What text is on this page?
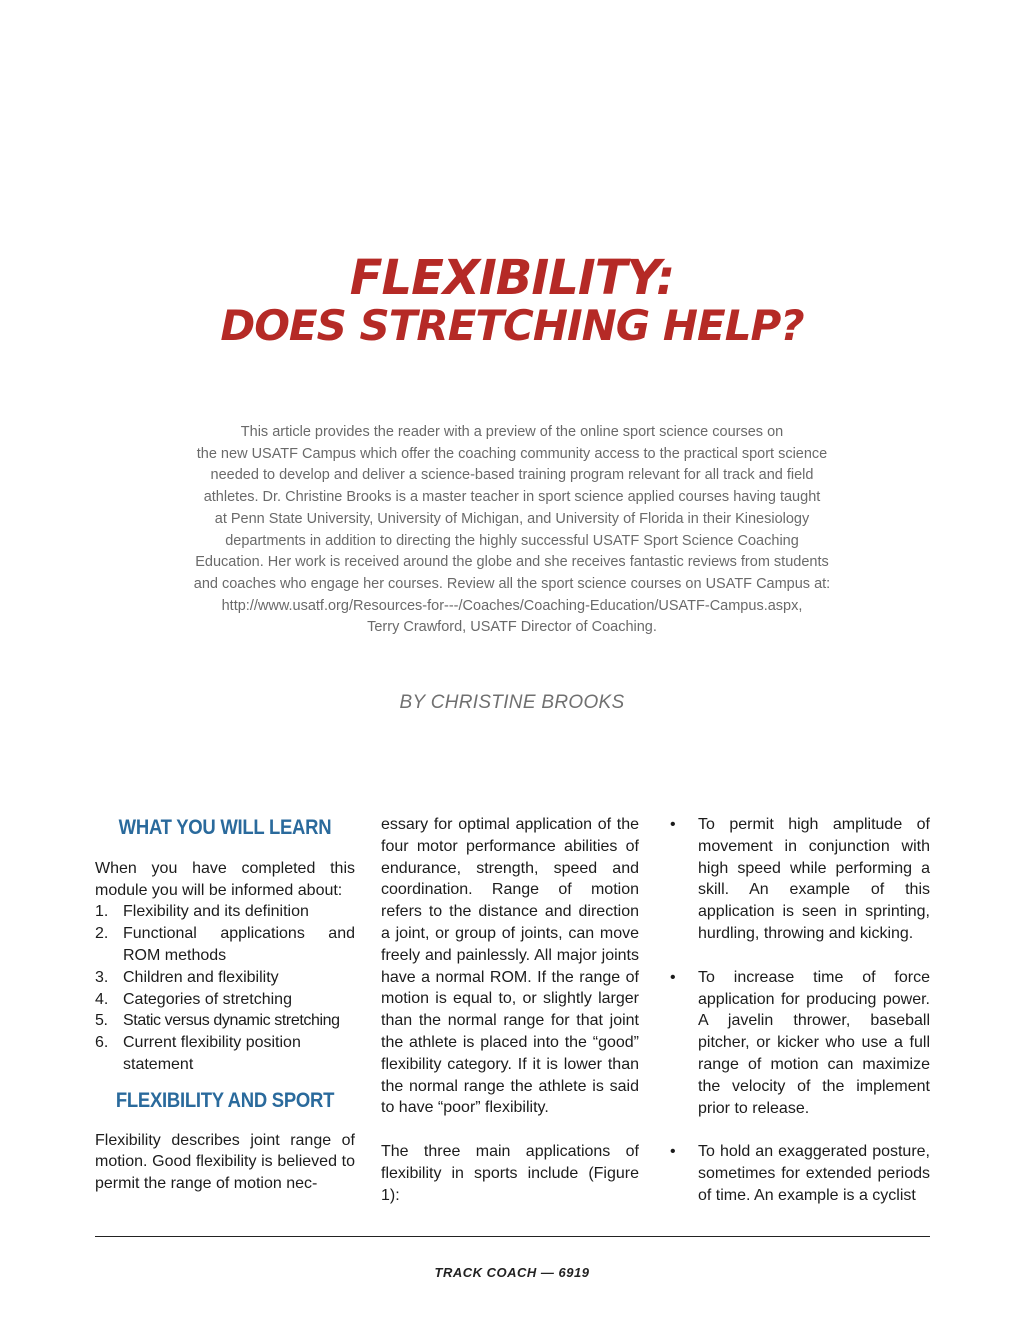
FLEXIBILITY:
DOES STRETCHING HELP?
This article provides the reader with a preview of the online sport science courses on
the new USATF Campus which offer the coaching community access to the practical sport science
needed to develop and deliver a science-based training program relevant for all track and field
athletes. Dr. Christine Brooks is a master teacher in sport science applied courses having taught
at Penn State University, University of Michigan, and University of Florida in their Kinesiology
departments in addition to directing the highly successful USATF Sport Science Coaching
Education. Her work is received around the globe and she receives fantastic reviews from students
and coaches who engage her courses. Review all the sport science courses on USATF Campus at:
http://www.usatf.org/Resources-for---/Coaches/Coaching-Education/USATF-Campus.aspx,
Terry Crawford, USATF Director of Coaching.
BY CHRISTINE BROOKS
WHAT YOU WILL LEARN

When you have completed this module you will be informed about:

1. Flexibility and its definition
2. Functional applications and ROM methods
3. Children and flexibility
4. Categories of stretching
5. Static versus dynamic stretching
6. Current flexibility position statement
FLEXIBILITY AND SPORT

Flexibility describes joint range of motion. Good flexibility is believed to permit the range of motion nec-

essary for optimal application of the four motor performance abilities of endurance, strength, speed and coordination. Range of motion refers to the distance and direction a joint, or group of joints, can move freely and painlessly. All major joints have a normal ROM. If the range of motion is equal to, or slightly larger than the normal range for that joint the athlete is placed into the “good” flexibility category. If it is lower than the normal range the athlete is said to have “poor” flexibility.

The three main applications of flexibility in sports include (Figure 1):

• To permit high amplitude of movement in conjunction with high speed while performing a skill. An example of this application is seen in sprinting, hurdling, throwing and kicking.
• To increase time of force application for producing power. A javelin thrower, baseball pitcher, or kicker who use a full range of motion can maximize the velocity of the implement prior to release.
• To hold an exaggerated posture, sometimes for extended periods of time. An example is a cyclist
TRACK COACH — 6919
